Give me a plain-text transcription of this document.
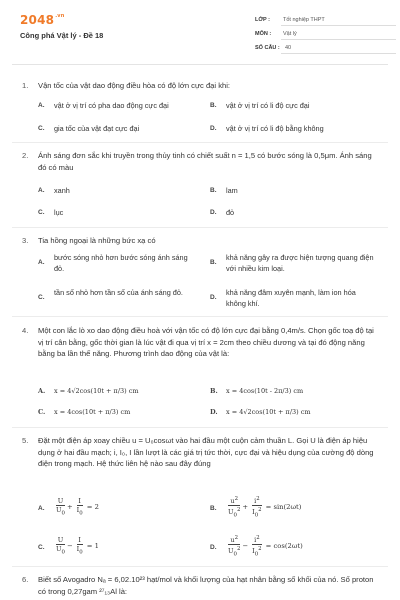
$2048^{.vn}$
Công phá Vật lý - Đề 18
LỚP :	Tốt nghiệp THPT
MÔN :	Vật lý
SỐ CÂU : 40
1.	Vận tốc của vật dao động điều hòa có độ lớn cực đại khi:
A. vật ở vị trí có pha dao động cực đại	B. vật ở vị trí có li độ cực đại
C. gia tốc của vật đạt cực đại	D. vật ở vị trí có li độ bằng không
2.	Ánh sáng đơn sắc khi truyền trong thủy tinh có chiết suất n = 1,5 có bước sóng là 0,5μm. Ánh sáng đó có màu
A. xanh	B. lam
C. lục	D. đỏ
3.	Tia hồng ngoại là những bức xạ có
A.
bước sóng nhỏ hơn bước sóng ánh sáng đỏ.
B.
khả năng gây ra được hiện tượng quang điện với nhiều kim loại.
C.
tần số nhỏ hơn tần số của ánh sáng đỏ.
D.
khả năng đâm xuyên mạnh, làm ion hóa không khí.
4.	Một con lắc lò xo dao động điều hoà với vận tốc có độ lớn cực đại bằng 0,4m/s. Chọn gốc toạ độ tại vị trí cân bằng, gốc thời gian là lúc vật đi qua vị trí x = 2cm theo chiều dương và tại đó động năng bằng ba lần thế năng. Phương trình dao động của vật là:
A. x = 4√2cos(10t + π/3) cm	B. x = 4cos(10t - 2π/3) cm
C. x = 4cos(10t + π/3) cm	D. x = 4√2cos(10t + π/3) cm
5.	Đặt một điện áp xoay chiều u = U₀cosωt vào hai đầu một cuộn cảm thuần L. Gọi U là điện áp hiệu dụng ở hai đầu mạch; i, I₀, I lần lượt là các giá trị tức thời, cực đại và hiệu dụng của cường độ dòng điện trong mạch. Hệ thức liên hệ nào sau đây đúng
A. $\frac{U}{U_0} + \frac{I}{I_0} = 2$	B. $\frac{u^2}{U_0^2} + \frac{i^2}{I_0^2} = \sin(2\omega t)$
C. $\frac{U}{U_0} - \frac{I}{I_0} = 1$	D. $\frac{u^2}{U_0^2} - \frac{i^2}{I_0^2} = \cos(2\omega t)$
6.	Biết số Avogadro Nₐ = 6,02.10²³ hạt/mol và khối lượng của hạt nhân bằng số khối của nó. Số proton có trong 0,27gam ²⁷₁₃Al là:
